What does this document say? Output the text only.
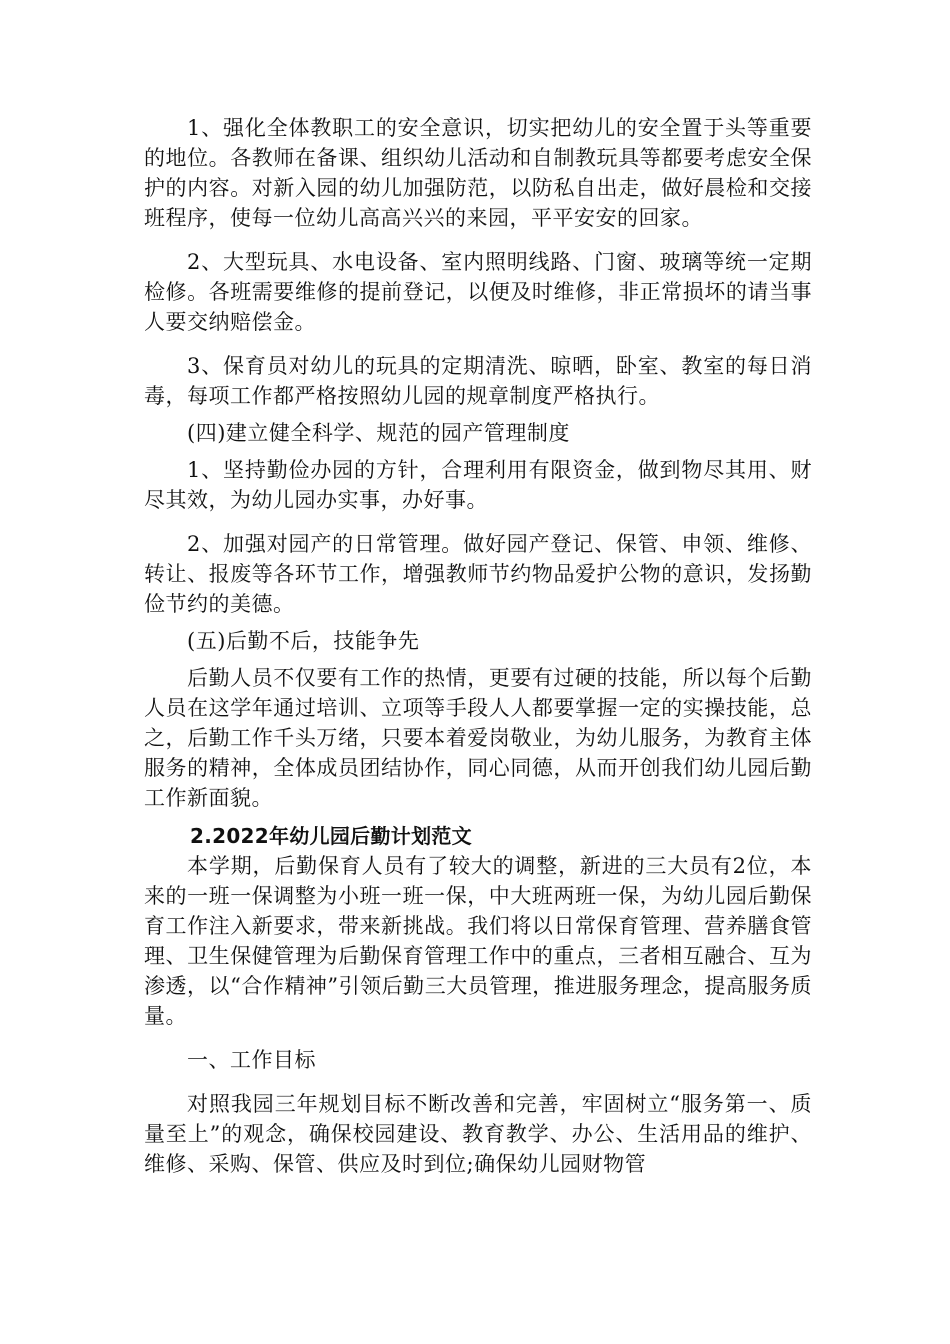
1、强化全体教职工的安全意识，切实把幼儿的安全置于头等重要的地位。各教师在备课、组织幼儿活动和自制教玩具等都要考虑安全保护的内容。对新入园的幼儿加强防范，以防私自出走，做好晨检和交接班程序，使每一位幼儿高高兴兴的来园，平平安安的回家。

2、大型玩具、水电设备、室内照明线路、门窗、玻璃等统一定期检修。各班需要维修的提前登记，以便及时维修，非正常损坏的请当事人要交纳赔偿金。

3、保育员对幼儿的玩具的定期清洗、晾晒，卧室、教室的每日消毒，每项工作都严格按照幼儿园的规章制度严格执行。

(四)建立健全科学、规范的园产管理制度

1、坚持勤俭办园的方针，合理利用有限资金，做到物尽其用、财尽其效，为幼儿园办实事，办好事。

2、加强对园产的日常管理。做好园产登记、保管、申领、维修、转让、报废等各环节工作，增强教师节约物品爱护公物的意识，发扬勤俭节约的美德。

(五)后勤不后，技能争先

后勤人员不仅要有工作的热情，更要有过硬的技能，所以每个后勤人员在这学年通过培训、立项等手段人人都要掌握一定的实操技能，总之，后勤工作千头万绪，只要本着爱岗敬业，为幼儿服务，为教育主体服务的精神，全体成员团结协作，同心同德，从而开创我们幼儿园后勤工作新面貌。

2.2022年幼儿园后勤计划范文

本学期，后勤保育人员有了较大的调整，新进的三大员有2位，本来的一班一保调整为小班一班一保，中大班两班一保，为幼儿园后勤保育工作注入新要求，带来新挑战。我们将以日常保育管理、营养膳食管理、卫生保健管理为后勤保育管理工作中的重点，三者相互融合、互为渗透，以“合作精神”引领后勤三大员管理，推进服务理念，提高服务质量。

一、工作目标

对照我园三年规划目标不断改善和完善，牢固树立“服务第一、质量至上”的观念，确保校园建设、教育教学、办公、生活用品的维护、维修、采购、保管、供应及时到位;确保幼儿园财物管
